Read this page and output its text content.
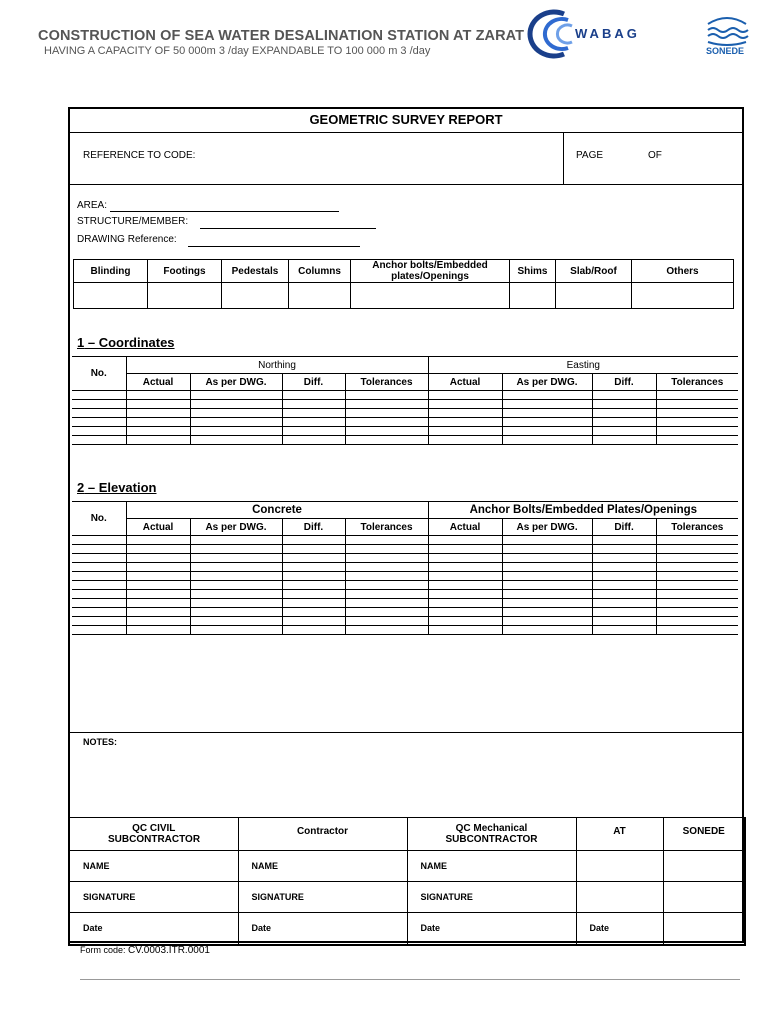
CONSTRUCTION OF SEA WATER DESALINATION STATION AT ZARAT
HAVING A CAPACITY OF 50 000m 3 /day EXPANDABLE TO 100 000 m 3 /day
WABAG
SONEDE
GEOMETRIC SURVEY REPORT
REFERENCE TO CODE:	PAGE	OF
AREA:
STRUCTURE/MEMBER:
DRAWING Reference:
Blinding	Footings	Pedestals	Columns	Anchor bolts/Embedded plates/Openings	Shims	Slab/Roof	Others

1 – Coordinates
No.	Northing				Easting			
	Actual	As per DWG.	Diff.	Tolerances	Actual	As per DWG.	Diff.	Tolerances

2 – Elevation
No.	Concrete				Anchor Bolts/Embedded Plates/Openings			
	Actual	As per DWG.	Diff.	Tolerances	Actual	As per DWG.	Diff.	Tolerances

NOTES:
QC CIVIL SUBCONTRACTOR	Contractor	QC Mechanical SUBCONTRACTOR	AT	SONEDE
NAME	NAME	NAME		
SIGNATURE	SIGNATURE	SIGNATURE		
Date	Date	Date	Date	
Form code: CV.0003.ITR.0001
